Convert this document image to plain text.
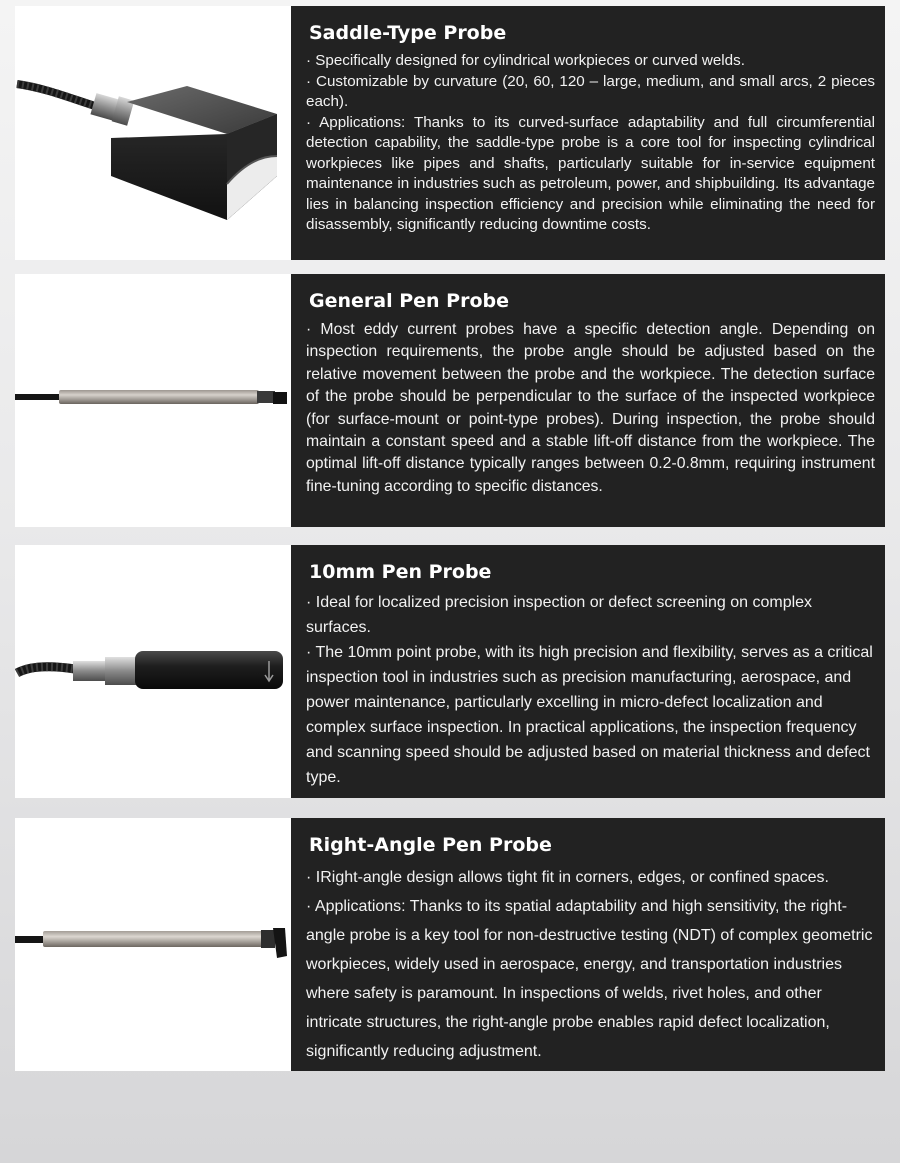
Saddle-Type Probe
· Specifically designed for cylindrical workpieces or curved welds.
· Customizable by curvature (20, 60, 120 – large, medium, and small arcs, 2 pieces each).
· Applications: Thanks to its curved-surface adaptability and full circumferential detection capability, the saddle-type probe is a core tool for inspecting cylindrical workpieces like pipes and shafts, particularly suitable for in-service equipment maintenance in industries such as petroleum, power, and shipbuilding. Its advantage lies in balancing inspection efficiency and precision while eliminating the need for disassembly, significantly reducing downtime costs.
General Pen Probe
· Most eddy current probes have a specific detection angle. Depending on inspection requirements, the probe angle should be adjusted based on the relative movement between the probe and the workpiece. The detection surface of the probe should be perpendicular to the surface of the inspected workpiece (for surface-mount or point-type probes). During inspection, the probe should maintain a constant speed and a stable lift-off distance from the workpiece. The optimal lift-off distance typically ranges between 0.2-0.8mm, requiring instrument fine-tuning according to specific distances.
10mm Pen Probe
· Ideal for localized precision inspection or defect screening on complex surfaces.
· The 10mm point probe, with its high precision and flexibility, serves as a critical inspection tool in industries such as precision manufacturing, aerospace, and power maintenance, particularly excelling in micro-defect localization and complex surface inspection. In practical applications, the inspection frequency and scanning speed should be adjusted based on material thickness and defect type.
Right-Angle Pen Probe
· IRight-angle design allows tight fit in corners, edges, or confined spaces.
· Applications: Thanks to its spatial adaptability and high sensitivity, the right-angle probe is a key tool for non-destructive testing (NDT) of complex geometric workpieces, widely used in aerospace, energy, and transportation industries where safety is paramount. In inspections of welds, rivet holes, and other intricate structures, the right-angle probe enables rapid defect localization, significantly reducing adjustment.
